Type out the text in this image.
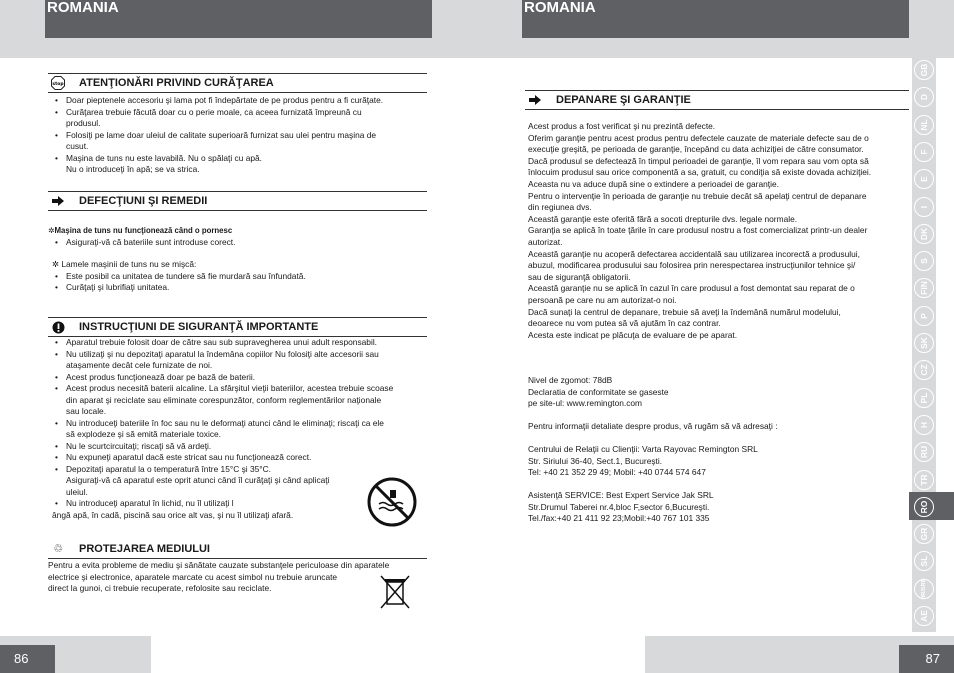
ROMANIA	ROMANIA
stop ATENŢIONĂRI PRIVIND CURĂŢAREA
• Doar pieptenele accesoriu şi lama pot fi îndepărtate de pe produs pentru a fi curăţate.
• Curăţarea trebuie făcută doar cu o perie moale, ca aceea furnizată împreună cu
produsul.
• Folosiţi pe lame doar uleiul de calitate superioară furnizat sau ulei pentru maşina de
cusut.
• Maşina de tuns nu este lavabilă. Nu o spălaţi cu apă.
Nu o introduceţi în apă; se va strica.
DEFECŢIUNI ŞI REMEDII
✲Maşina de tuns nu funcţionează când o pornesc
• Asiguraţi-vă că bateriile sunt introduse corect.
✲ Lamele maşinii de tuns nu se mişcă:
• Este posibil ca unitatea de tundere să fie murdară sau înfundată.
• Curăţaţi şi lubrifiaţi unitatea.
INSTRUCŢIUNI DE SIGURANŢĂ IMPORTANTE
• Aparatul trebuie folosit doar de către sau sub supravegherea unui adult responsabil.
• Nu utilizaţi şi nu depozitaţi aparatul la îndemâna copiilor Nu folosiţi alte accesorii sau
ataşamente decât cele furnizate de noi.
• Acest produs funcţionează doar pe bază de baterii.
• Acest produs necesită baterii alcaline. La sfârşitul vieţii bateriilor, acestea trebuie scoase
din aparat şi reciclate sau eliminate corespunzător, conform reglementărilor naţionale
sau locale.
• Nu introduceţi bateriile în foc sau nu le deformaţi atunci când le eliminaţi; riscaţi ca ele
să explodeze şi să emită materiale toxice.
• Nu le scurtcircuitaţi; riscaţi să vă ardeţi.
• Nu expuneţi aparatul dacă este stricat sau nu funcţionează corect.
• Depozitaţi aparatul la o temperatură între 15°C şi 35°C.
Asiguraţi-vă că aparatul este oprit atunci când îl curăţaţi şi când aplicaţi
uleiul.
• Nu introduceţi aparatul în lichid, nu îl utilizaţi l
ângă apă, în cadă, piscină sau orice alt vas, şi nu îl utilizaţi afară.
♲ PROTEJAREA MEDIULUI
Pentru a evita probleme de mediu şi sănătate cauzate substanţele periculoase din aparatele
electrice şi electronice, aparatele marcate cu acest simbol nu trebuie aruncate
direct la gunoi, ci trebuie recuperate, refolosite sau reciclate.
DEPANARE ŞI GARANŢIE
Acest produs a fost verificat şi nu prezintă defecte.
Oferim garanţie pentru acest produs pentru defectele cauzate de materiale defecte sau de o
execuţie greşită, pe perioada de garanţie, începând cu data achiziţiei de către consumator.
Dacă produsul se defectează în timpul perioadei de garanţie, îl vom repara sau vom opta să
înlocuim produsul sau orice componentă a sa, gratuit, cu condiţia să existe dovada achiziţiei.
Aceasta nu va aduce după sine o extindere a perioadei de garanţie.
Pentru o intervenţie în perioada de garanţie nu trebuie decât să apelaţi centrul de depanare
din regiunea dvs.
Această garanţie este oferită fără a socoti drepturile dvs. legale normale.
Garanţia se aplică în toate ţările în care produsul nostru a fost comercializat printr-un dealer
autorizat.
Această garanţie nu acoperă defectarea accidentală sau utilizarea incorectă a produsului,
abuzul, modificarea produsului sau folosirea prin nerespectarea instrucţiunilor tehnice şi/
sau de siguranţă obligatorii.
Această garanţie nu se aplică în cazul în care produsul a fost demontat sau reparat de o
persoană pe care nu am autorizat-o noi.
Dacă sunaţi la centrul de depanare, trebuie să aveţi la îndemână numărul modelului,
deoarece nu vom putea să vă ajutăm în caz contrar.
Acesta este indicat pe plăcuţa de evaluare de pe aparat.
Nivel de zgomot: 78dB
Declaratia de conformitate se gaseste
pe site-ul: www.remington.com
Pentru informaţii detaliate despre produs, vă rugăm să vă adresaţi :
Centrului de Relaţii cu Clienţii: Varta Rayovac Remington SRL
Str. Siriului 36-40, Sect.1, Bucureşti.
Tel: +40 21 352 29 49; Mobil: +40 0744 574 647
Asistenţă SERVICE: Best Expert Service Jak SRL
Str.Drumul Taberei nr.4,bloc F,sector 6,Bucureşti.
Tel./fax:+40 21 411 92 23;Mobil:+40 767 101 335
GB
D
NL
F
E
I
DK
S
FIN
P
SK
CZ
PL
H
RU
TR
RO
GR
SL
HR/SRB
AE
86	87
